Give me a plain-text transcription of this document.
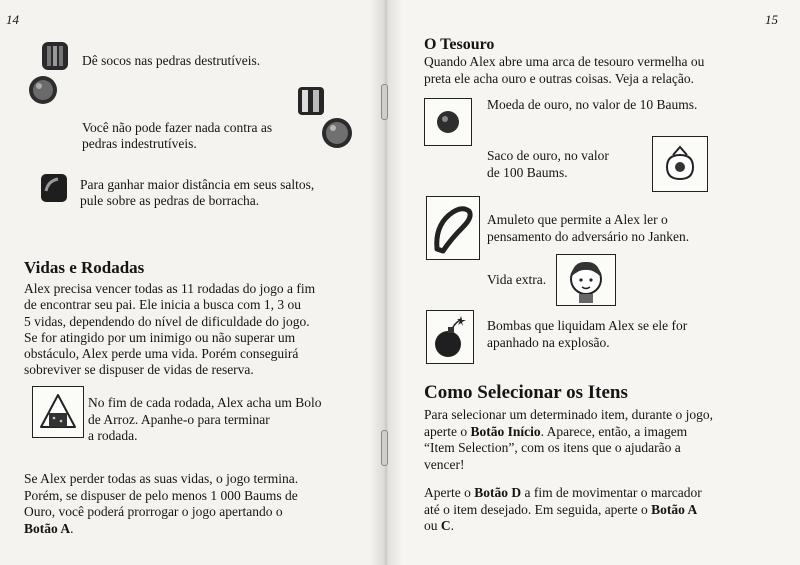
14
Dê socos nas pedras destrutíveis.
Você não pode fazer nada contra as
pedras indestrutíveis.
Para ganhar maior distância em seus saltos,
pule sobre as pedras de borracha.
Vidas e Rodadas
Alex precisa vencer todas as 11 rodadas do jogo a fim
de encontrar seu pai. Ele inicia a busca com 1, 3 ou
5 vidas, dependendo do nível de dificuldade do jogo.
Se for atingido por um inimigo ou não superar um
obstáculo, Alex perde uma vida. Porém conseguirá
sobreviver se dispuser de vidas de reserva.
No fim de cada rodada, Alex acha um Bolo
de Arroz. Apanhe-o para terminar
a rodada.
Se Alex perder todas as suas vidas, o jogo termina.
Porém, se dispuser de pelo menos 1 000 Baums de
Ouro, você poderá prorrogar o jogo apertando o
Botão A.
15
O Tesouro
Quando Alex abre uma arca de tesouro vermelha ou
preta ele acha ouro e outras coisas. Veja a relação.
Moeda de ouro, no valor de 10 Baums.
Saco de ouro, no valor
de 100 Baums.
Amuleto que permite a Alex ler o
pensamento do adversário no Janken.
Vida extra.
Bombas que liquidam Alex se ele for
apanhado na explosão.
Como Selecionar os Itens
Para selecionar um determinado item, durante o jogo,
aperte o Botão Início. Aparece, então, a imagem
“Item Selection”, com os itens que o ajudarão a
vencer!
Aperte o Botão D a fim de movimentar o marcador
até o item desejado. Em seguida, aperte o Botão A
ou C.
